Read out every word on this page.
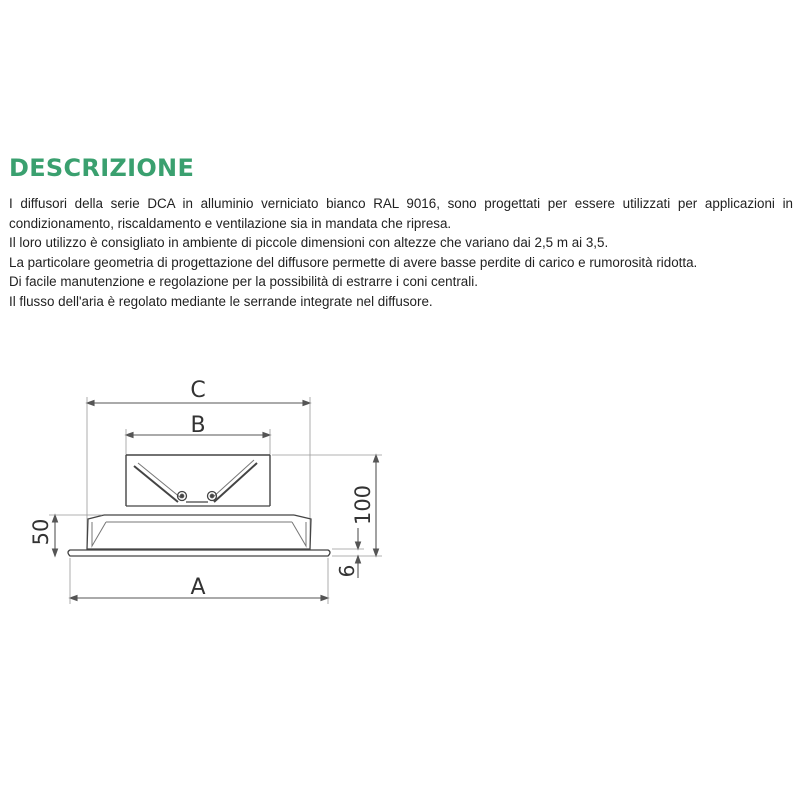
DESCRIZIONE

I diffusori della serie DCA in alluminio verniciato bianco RAL 9016, sono progettati per essere utilizzati per applicazioni in condizionamento, riscaldamento e ventilazione sia in mandata che ripresa.

Il loro utilizzo è consigliato in ambiente di piccole dimensioni con altezze che variano dai 2,5 m ai 3,5.

La particolare geometria di progettazione del diffusore permette di avere basse perdite di carico e rumorosità ridotta.

Di facile manutenzione e regolazione per la possibilità di estrarre i coni centrali.

Il flusso dell'aria è regolato mediante le serrande integrate nel diffusore.

C
B
A
100
50
6
